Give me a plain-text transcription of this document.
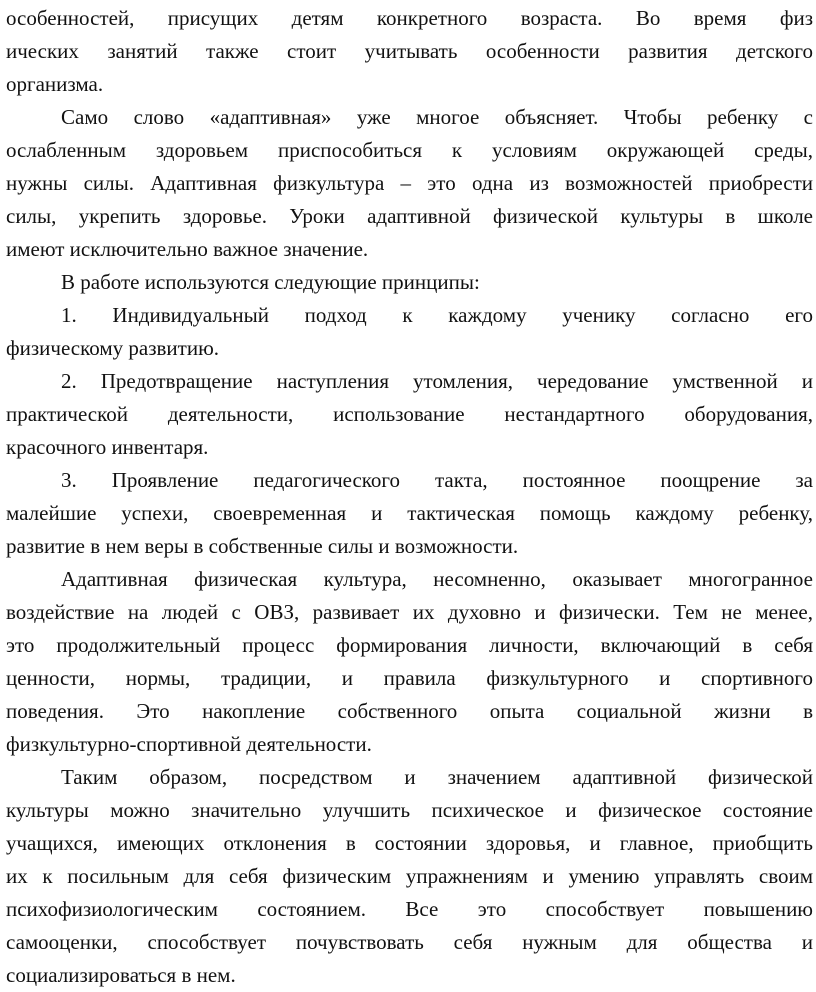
особенностей, присущих детям конкретного возраста. Во время физ
ических занятий также стоит учитывать особенности развития детского
организма.
Само слово «адаптивная» уже многое объясняет. Чтобы ребенку с
ослабленным здоровьем приспособиться к условиям окружающей среды,
нужны силы. Адаптивная физкультура – это одна из возможностей приобрести
силы, укрепить здоровье. Уроки адаптивной физической культуры в школе
имеют исключительно важное значение.
В работе используются следующие принципы:
1. Индивидуальный подход к каждому ученику согласно его
физическому развитию.
2. Предотвращение наступления утомления, чередование умственной и
практической деятельности, использование нестандартного оборудования,
красочного инвентаря.
3. Проявление педагогического такта, постоянное поощрение за
малейшие успехи, своевременная и тактическая помощь каждому ребенку,
развитие в нем веры в собственные силы и возможности.
Адаптивная физическая культура, несомненно, оказывает многогранное
воздействие на людей с ОВЗ, развивает их духовно и физически. Тем не менее,
это продолжительный процесс формирования личности, включающий в себя
ценности, нормы, традиции, и правила физкультурного и спортивного
поведения. Это накопление собственного опыта социальной жизни в
физкультурно-спортивной деятельности.
Таким образом, посредством и значением адаптивной физической
культуры можно значительно улучшить психическое и физическое состояние
учащихся, имеющих отклонения в состоянии здоровья, и главное, приобщить
их к посильным для себя физическим упражнениям и умению управлять своим
психофизиологическим состоянием. Все это способствует повышению
самооценки, способствует почувствовать себя нужным для общества и
социализироваться в нем.
